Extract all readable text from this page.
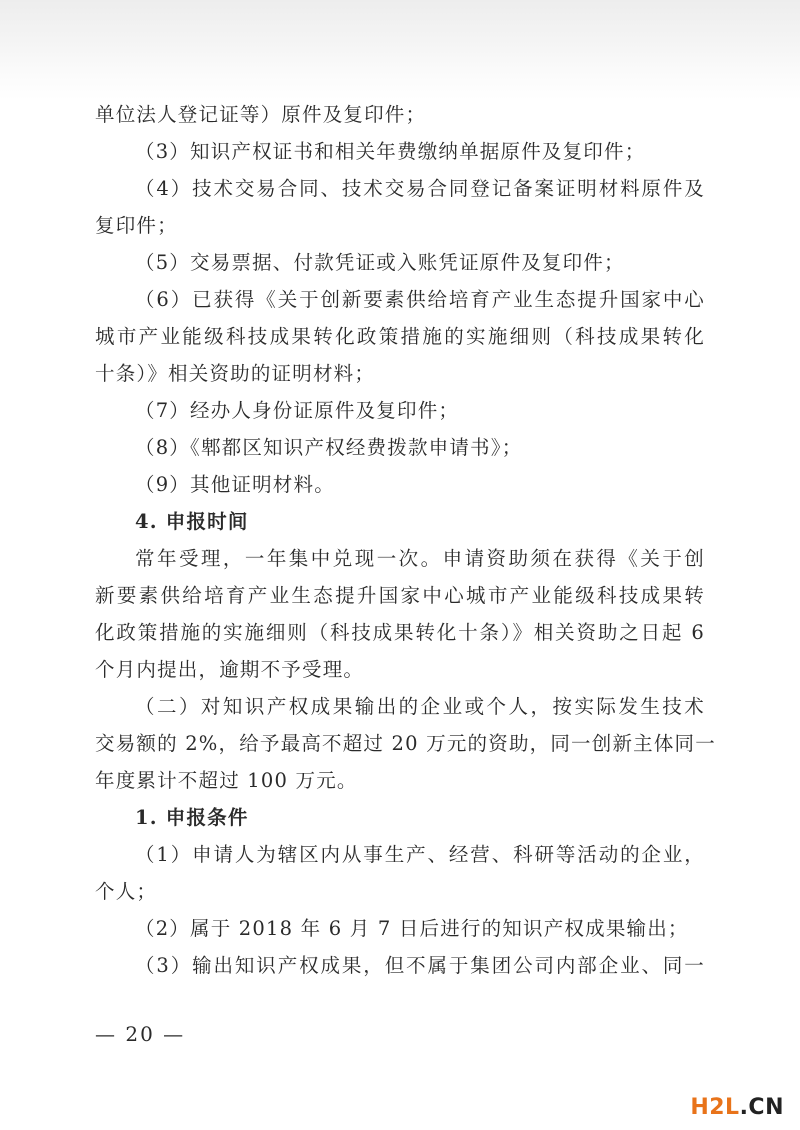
单位法人登记证等）原件及复印件；
（3）知识产权证书和相关年费缴纳单据原件及复印件；
（4）技术交易合同、技术交易合同登记备案证明材料原件及
复印件；
（5）交易票据、付款凭证或入账凭证原件及复印件；
（6）已获得《关于创新要素供给培育产业生态提升国家中心
城市产业能级科技成果转化政策措施的实施细则（科技成果转化
十条）》相关资助的证明材料；
（7）经办人身份证原件及复印件；
（8）《郫都区知识产权经费拨款申请书》；
（9）其他证明材料。
4. 申报时间
常年受理，一年集中兑现一次。申请资助须在获得《关于创
新要素供给培育产业生态提升国家中心城市产业能级科技成果转
化政策措施的实施细则（科技成果转化十条）》相关资助之日起 6
个月内提出，逾期不予受理。
（二）对知识产权成果输出的企业或个人，按实际发生技术
交易额的 2%，给予最高不超过 20 万元的资助，同一创新主体同一
年度累计不超过 100 万元。
1. 申报条件
（1）申请人为辖区内从事生产、经营、科研等活动的企业，
个人；
（2）属于 2018 年 6 月 7 日后进行的知识产权成果输出；
（3）输出知识产权成果，但不属于集团公司内部企业、同一
— 20 —
H2L.CN
